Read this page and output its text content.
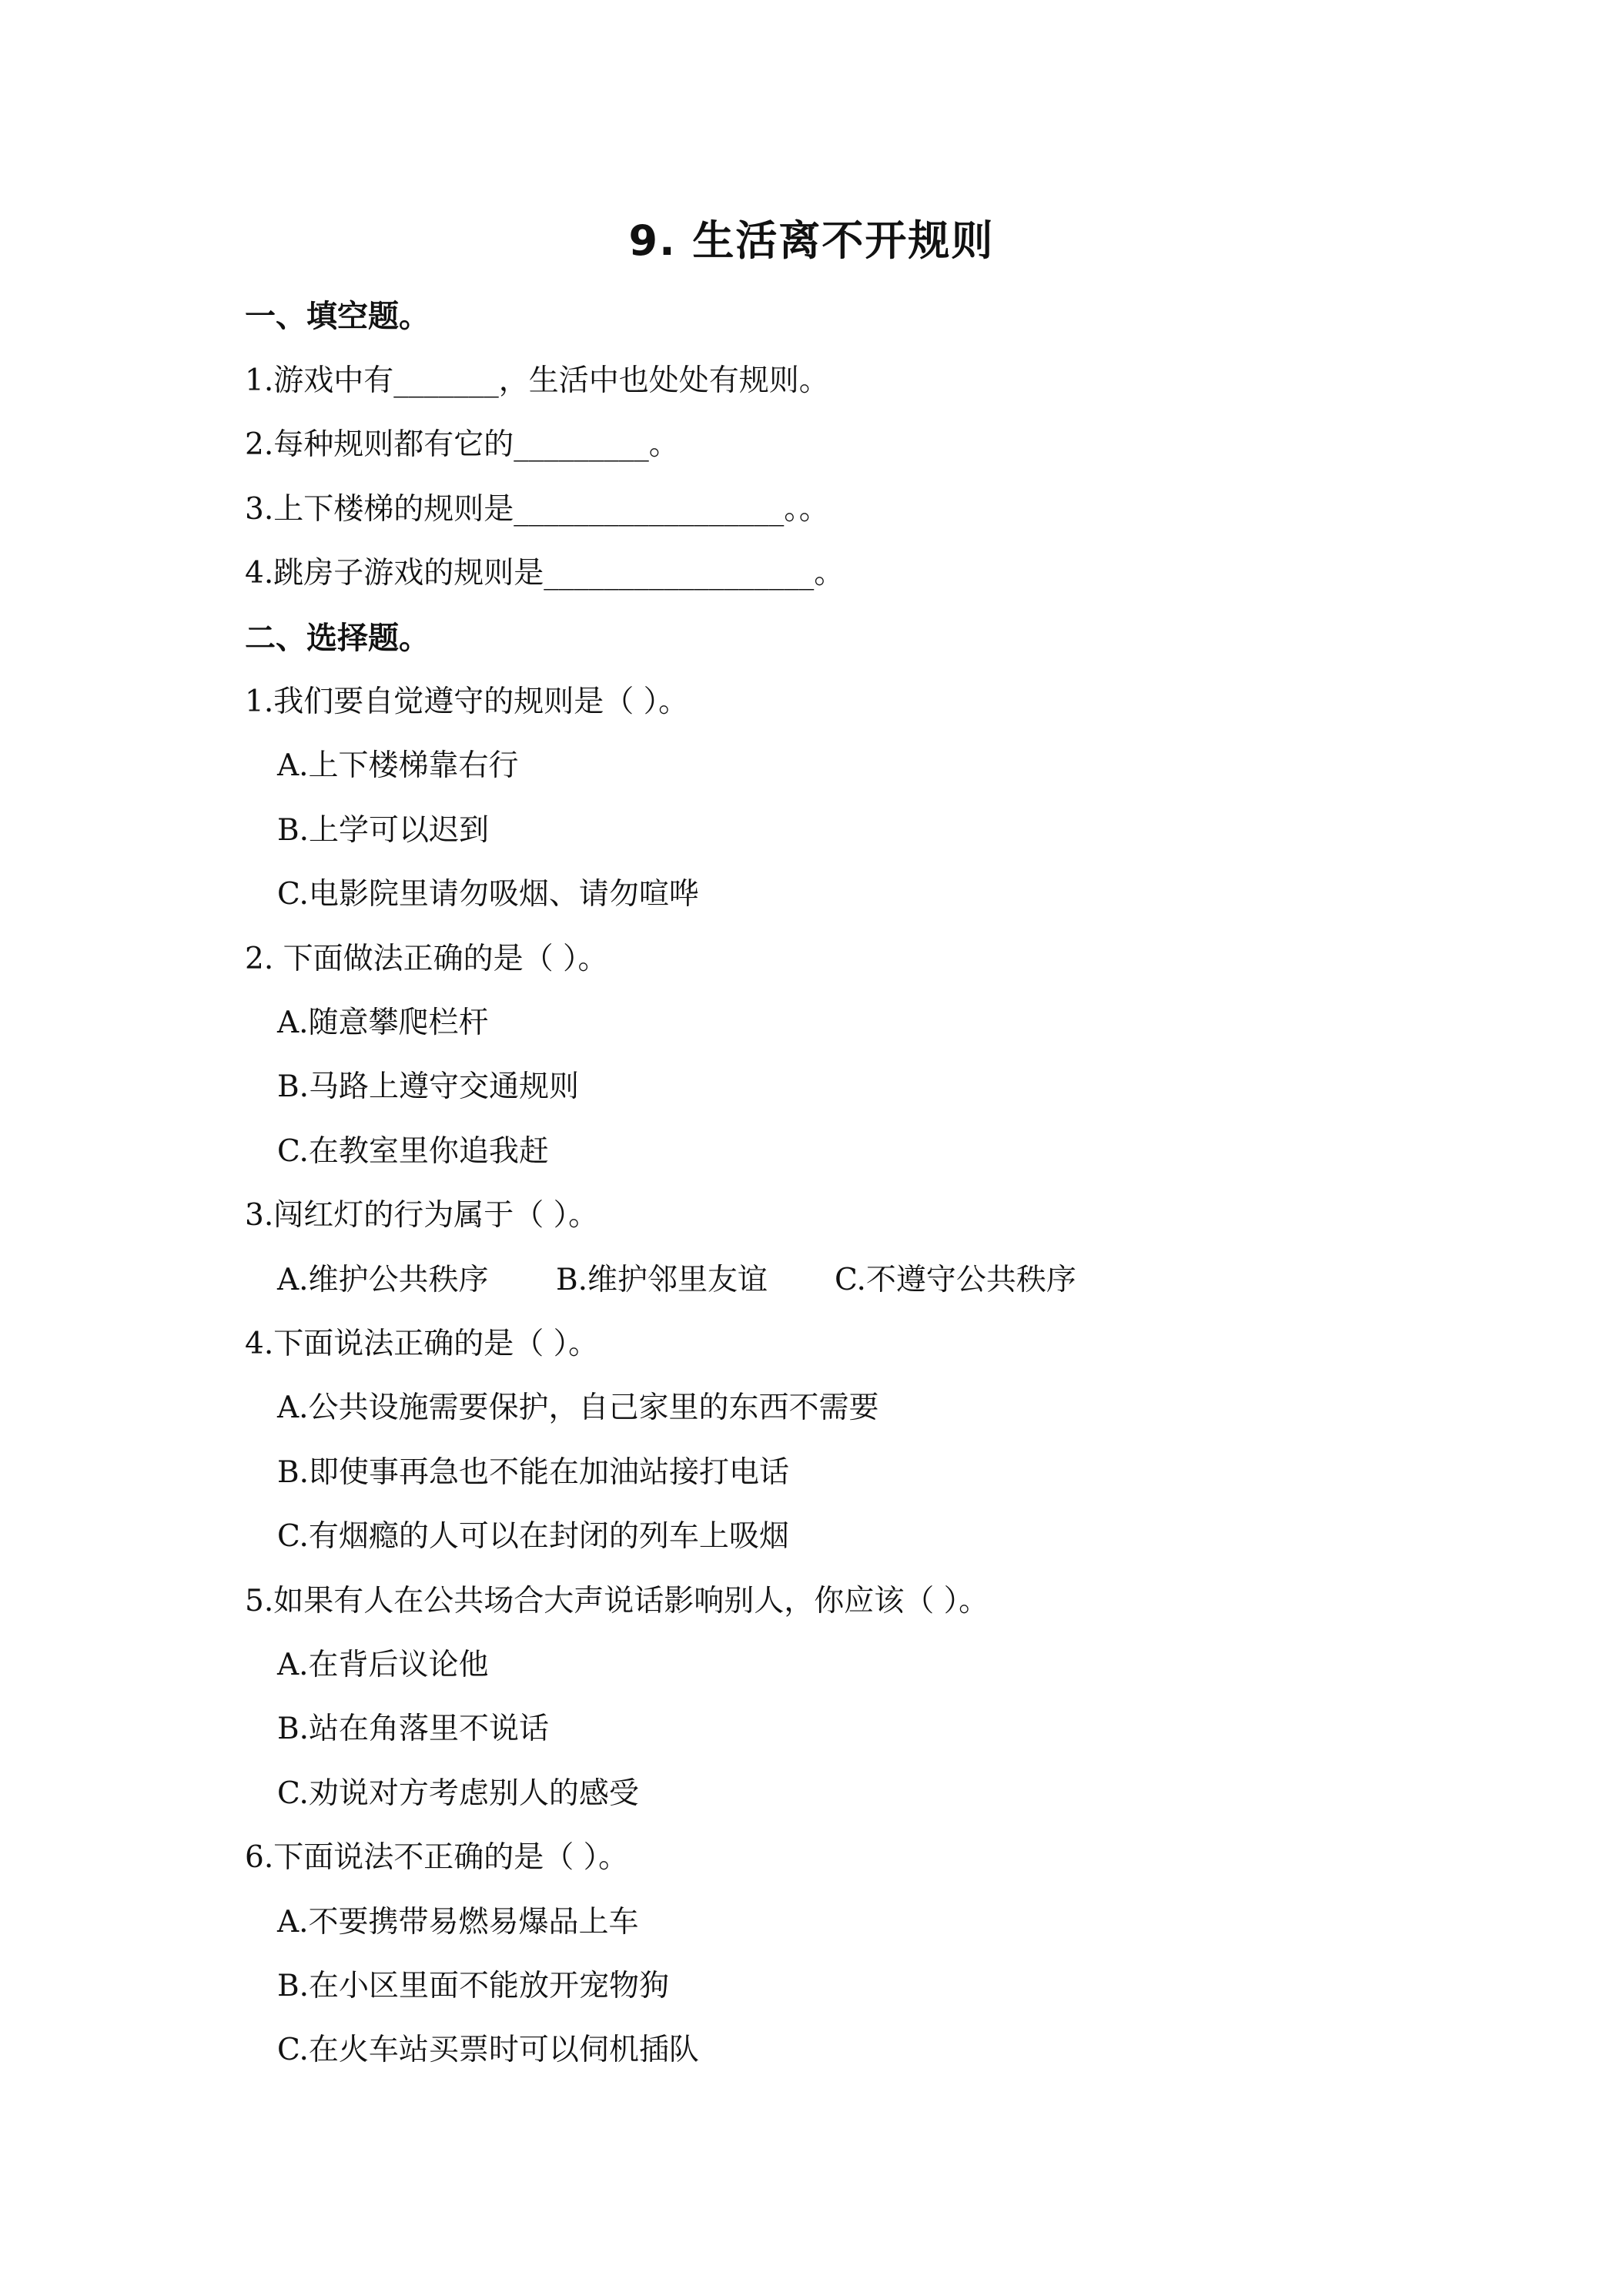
9. 生活离不开规则
一、填空题。
1.游戏中有_______，生活中也处处有规则。
2.每种规则都有它的_________。
3.上下楼梯的规则是__________________。。
4.跳房子游戏的规则是__________________。
二、选择题。
1.我们要自觉遵守的规则是（ ）。
A.上下楼梯靠右行
B.上学可以迟到
C.电影院里请勿吸烟、请勿喧哗
2. 下面做法正确的是（ ）。
A.随意攀爬栏杆
B.马路上遵守交通规则
C.在教室里你追我赶
3.闯红灯的行为属于（ ）。
A.维护公共秩序 B.维护邻里友谊 C.不遵守公共秩序
4.下面说法正确的是（ ）。
A.公共设施需要保护，自己家里的东西不需要
B.即使事再急也不能在加油站接打电话
C.有烟瘾的人可以在封闭的列车上吸烟
5.如果有人在公共场合大声说话影响别人，你应该（ ）。
A.在背后议论他
B.站在角落里不说话
C.劝说对方考虑别人的感受
6.下面说法不正确的是（ ）。
A.不要携带易燃易爆品上车
B.在小区里面不能放开宠物狗
C.在火车站买票时可以伺机插队
